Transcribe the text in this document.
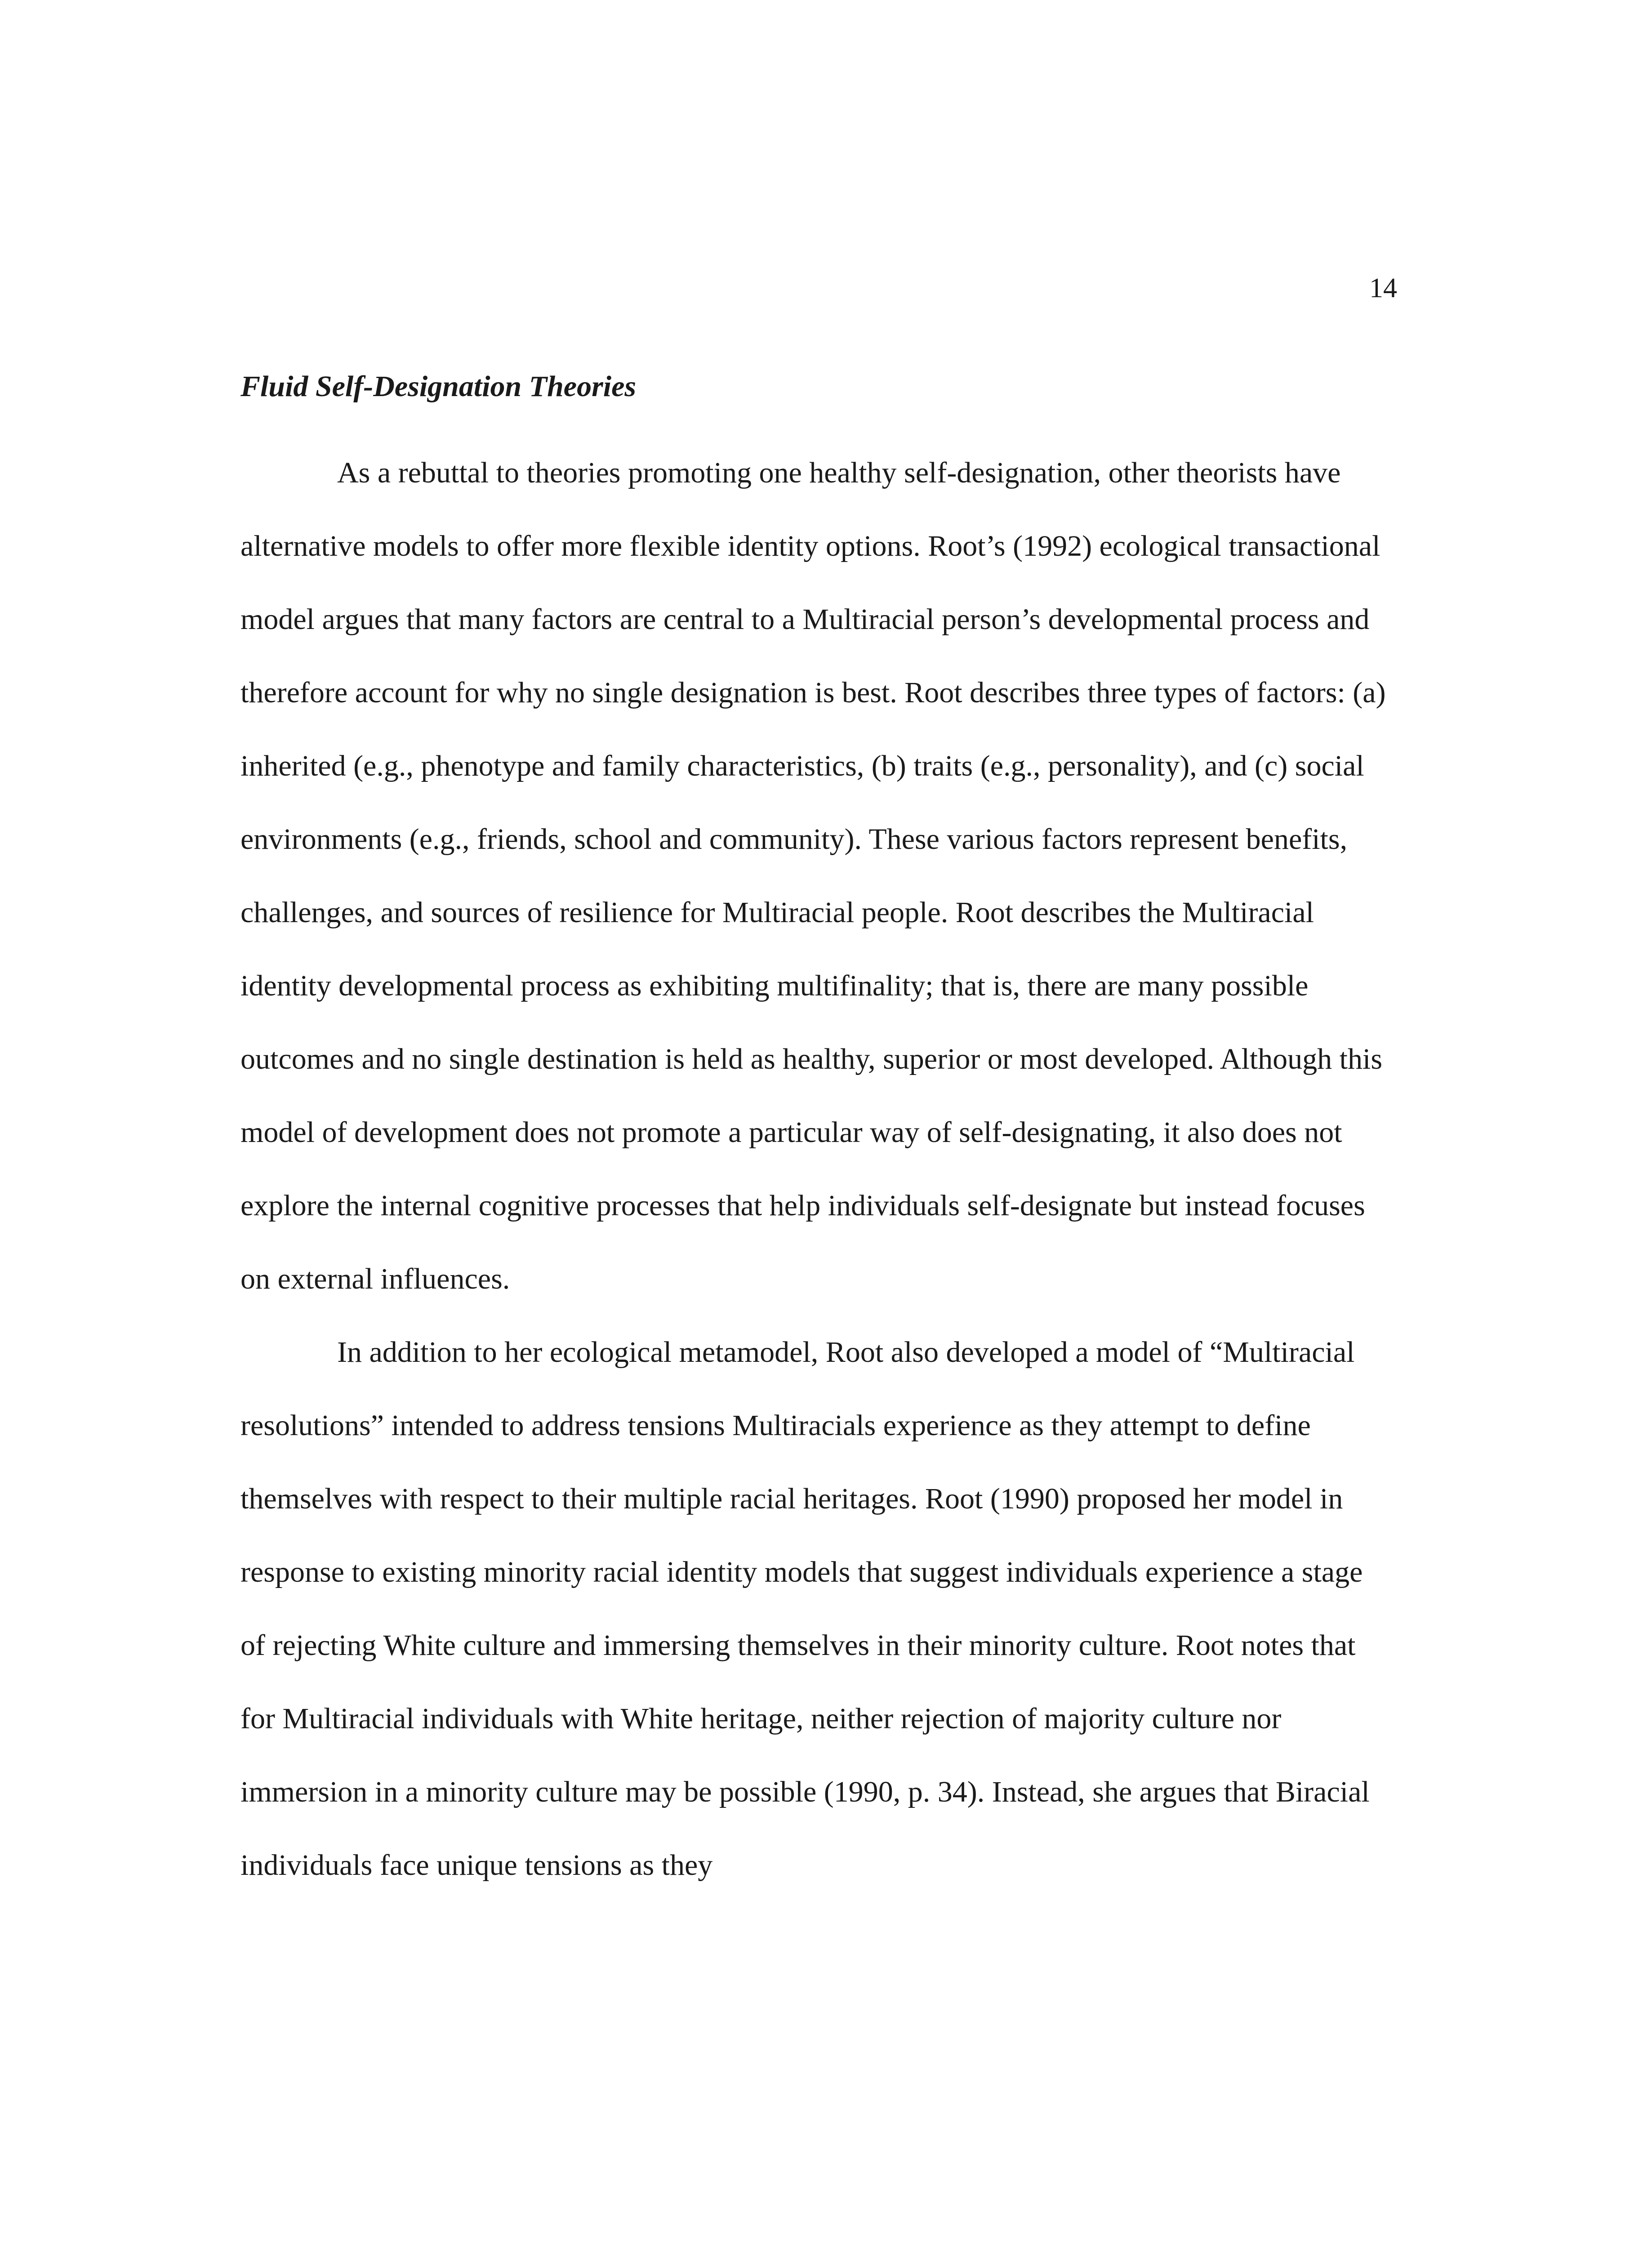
14
Fluid Self-Designation Theories

As a rebuttal to theories promoting one healthy self-designation, other theorists have alternative models to offer more flexible identity options. Root’s (1992) ecological transactional model argues that many factors are central to a Multiracial person’s developmental process and therefore account for why no single designation is best. Root describes three types of factors: (a) inherited (e.g., phenotype and family characteristics, (b) traits (e.g., personality), and (c) social environments (e.g., friends, school and community). These various factors represent benefits, challenges, and sources of resilience for Multiracial people. Root describes the Multiracial identity developmental process as exhibiting multifinality; that is, there are many possible outcomes and no single destination is held as healthy, superior or most developed. Although this model of development does not promote a particular way of self-designating, it also does not explore the internal cognitive processes that help individuals self-designate but instead focuses on external influences.

In addition to her ecological metamodel, Root also developed a model of “Multiracial resolutions” intended to address tensions Multiracials experience as they attempt to define themselves with respect to their multiple racial heritages. Root (1990) proposed her model in response to existing minority racial identity models that suggest individuals experience a stage of rejecting White culture and immersing themselves in their minority culture. Root notes that for Multiracial individuals with White heritage, neither rejection of majority culture nor immersion in a minority culture may be possible (1990, p. 34). Instead, she argues that Biracial individuals face unique tensions as they
